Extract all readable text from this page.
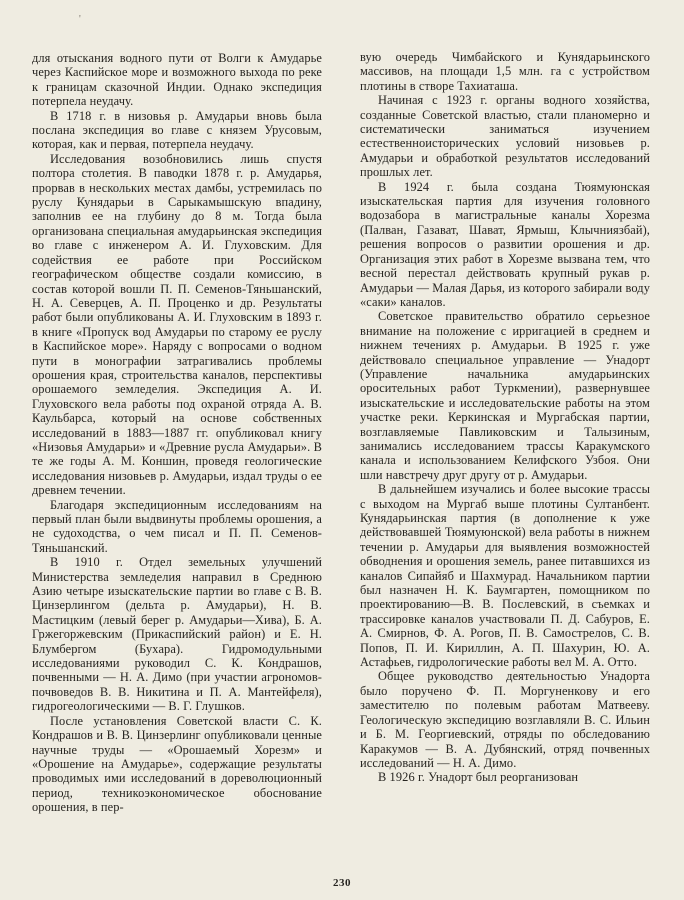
'

для отыскания водного пути от Волги к Амударье через Каспийское море и возможного выхода по реке к границам сказочной Индии. Однако экспедиция потерпела неудачу.

В 1718 г. в низовья р. Амударьи вновь была послана экспедиция во главе с князем Урусовым, которая, как и первая, потерпела неудачу.

Исследования возобновились лишь спустя полтора столетия. В паводки 1878 г. р. Амударья, прорвав в нескольких местах дамбы, устремилась по руслу Кунядарьи в Сарыкамышскую впадину, заполнив ее на глубину до 8 м. Тогда была организована специальная амударьинская экспедиция во главе с инженером А. И. Глуховским. Для содействия ее работе при Российском географическом обществе создали комиссию, в состав которой вошли П. П. Семенов-Тяньшанский, Н. А. Северцев, А. П. Проценко и др. Результаты работ были опубликованы А. И. Глуховским в 1893 г. в книге «Пропуск вод Амударьи по старому ее руслу в Каспийское море». Наряду с вопросами о водном пути в монографии затрагивались проблемы орошения края, строительства каналов, перспективы орошаемого земледелия. Экспедиция А. И. Глуховского вела работы под охраной отряда А. В. Каульбарса, который на основе собственных исследований в 1883—1887 гг. опубликовал книгу «Низовья Амударьи» и «Древние русла Амударьи». В те же годы А. М. Коншин, проведя геологические исследования низовьев р. Амударьи, издал труды о ее древнем течении.

Благодаря экспедиционным исследованиям на первый план были выдвинуты проблемы орошения, а не судоходства, о чем писал и П. П. Семенов-Тяньшанский.

В 1910 г. Отдел земельных улучшений Министерства земледелия направил в Среднюю Азию четыре изыскательские партии во главе с В. В. Цинзерлингом (дельта р. Амударьи), Н. В. Мастицким (левый берег р. Амударьи—Хива), Б. А. Гржегоржевским (Прикаспийский район) и Е. Н. Блумбергом (Бухара). Гидромодульными исследованиями руководил С. К. Кондрашов, почвенными — Н. А. Димо (при участии агрономов-почвоведов В. В. Никитина и П. А. Мантейфеля), гидрогеологическими — В. Г. Глушков.

После установления Советской власти С. К. Кондрашов и В. В. Цинзерлинг опубликовали ценные научные труды — «Орошаемый Хорезм» и «Орошение на Амударье», содержащие результаты проводимых ими исследований в дореволюционный период, техникоэкономическое обоснование орошения, в пер-

вую очередь Чимбайского и Кунядарьинского массивов, на площади 1,5 млн. га с устройством плотины в створе Тахиаташа.

Начиная с 1923 г. органы водного хозяйства, созданные Советской властью, стали планомерно и систематически заниматься изучением естественноисторических условий низовьев р. Амударьи и обработкой результатов исследований прошлых лет.

В 1924 г. была создана Тюямуюнская изыскательская партия для изучения головного водозабора в магистральные каналы Хорезма (Палван, Газават, Шават, Ярмыш, Клычниязбай), решения вопросов о развитии орошения и др. Организация этих работ в Хорезме вызвана тем, что весной перестал действовать крупный рукав р. Амударьи — Малая Дарья, из которого забирали воду «саки» каналов.

Советское правительство обратило серьезное внимание на положение с ирригацией в среднем и нижнем течениях р. Амударьи. В 1925 г. уже действовало специальное управление — Унадорт (Управление начальника амударьинских оросительных работ Туркмении), развернувшее изыскательские и исследовательские работы на этом участке реки. Керкинская и Мургабская партии, возглавляемые Павликовским и Талызиным, занимались исследованием трассы Каракумского канала и использованием Келифского Узбоя. Они шли навстречу друг другу от р. Амударьи.

В дальнейшем изучались и более высокие трассы с выходом на Мургаб выше плотины Султанбент. Кунядарьинская партия (в дополнение к уже действовавшей Тюямуюнской) вела работы в нижнем течении р. Амударьи для выявления возможностей обводнения и орошения земель, ранее питавшихся из каналов Сипайяб и Шахмурад. Начальником партии был назначен Н. К. Баумгартен, помощником по проектированию—В. В. Послевский, в съемках и трассировке каналов участвовали П. Д. Сабуров, Е. А. Смирнов, Ф. А. Рогов, П. В. Самострелов, С. В. Попов, П. И. Кириллин, А. П. Шахурин, Ю. А. Астафьев, гидрологические работы вел М. А. Отто.

Общее руководство деятельностью Унадорта было поручено Ф. П. Моргуненкову и его заместителю по полевым работам Матвееву. Геологическую экспедицию возглавляли В. С. Ильин и Б. М. Георгиевский, отряды по обследованию Каракумов — В. А. Дубянский, отряд почвенных исследований — Н. А. Димо.

В 1926 г. Унадорт был реорганизован

230
